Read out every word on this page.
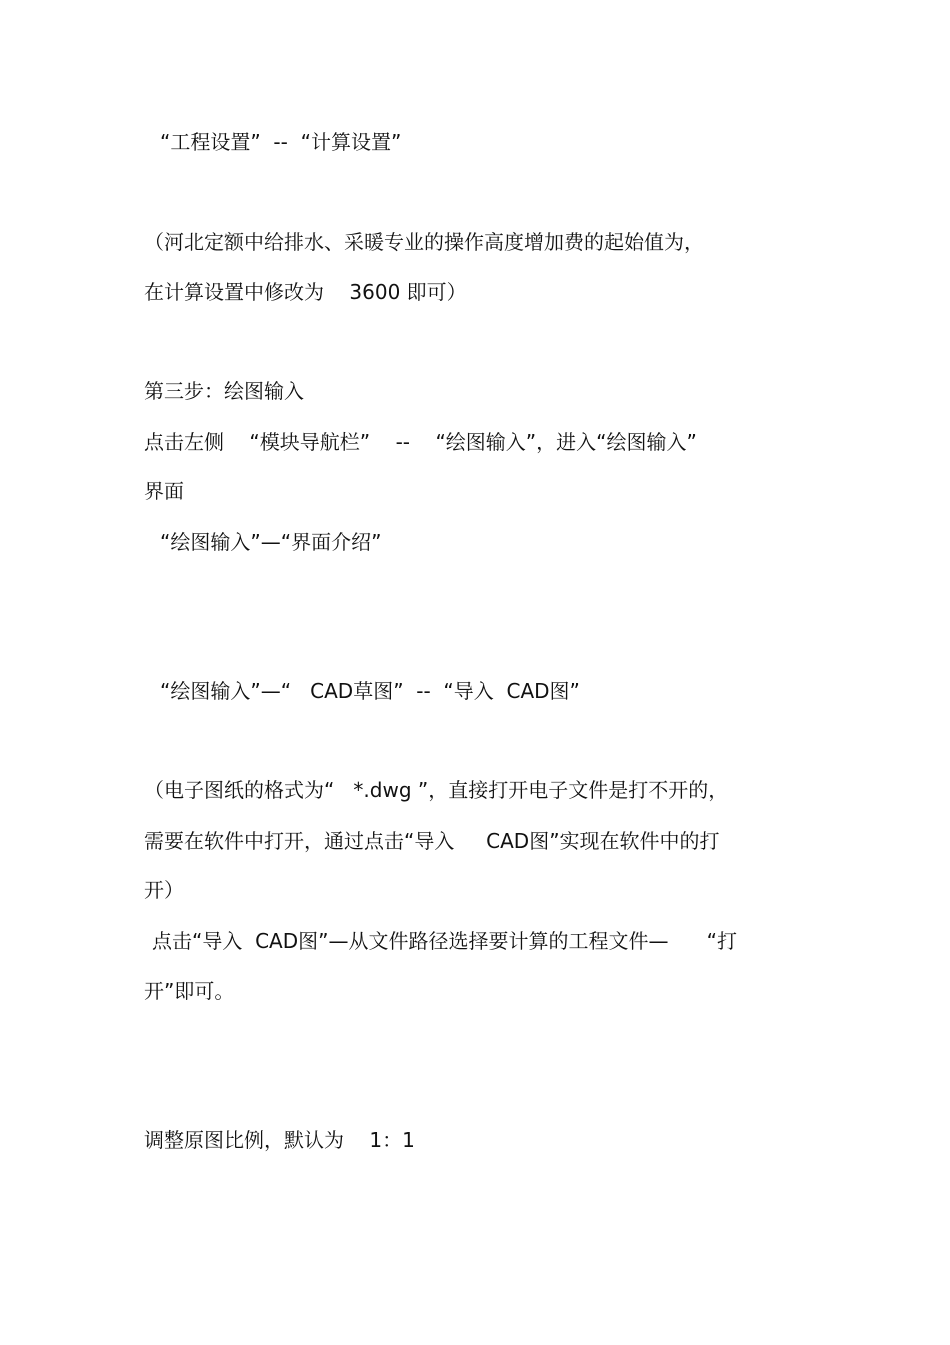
“工程设置”  --  “计算设置”
（河北定额中给排水、采暖专业的操作高度增加费的起始值为，
在计算设置中修改为    3600 即可）
第三步：绘图输入
点击左侧    “模块导航栏”    --    “绘图输入”，进入“绘图输入”
界面
“绘图输入”—“界面介绍”
“绘图输入”—“   CAD草图”  --  “导入  CAD图”
（电子图纸的格式为“   *.dwg ”，直接打开电子文件是打不开的，
需要在软件中打开，通过点击“导入     CAD图”实现在软件中的打
开）
点击“导入  CAD图”—从文件路径选择要计算的工程文件—      “打
开”即可。
调整原图比例，默认为    1：1
